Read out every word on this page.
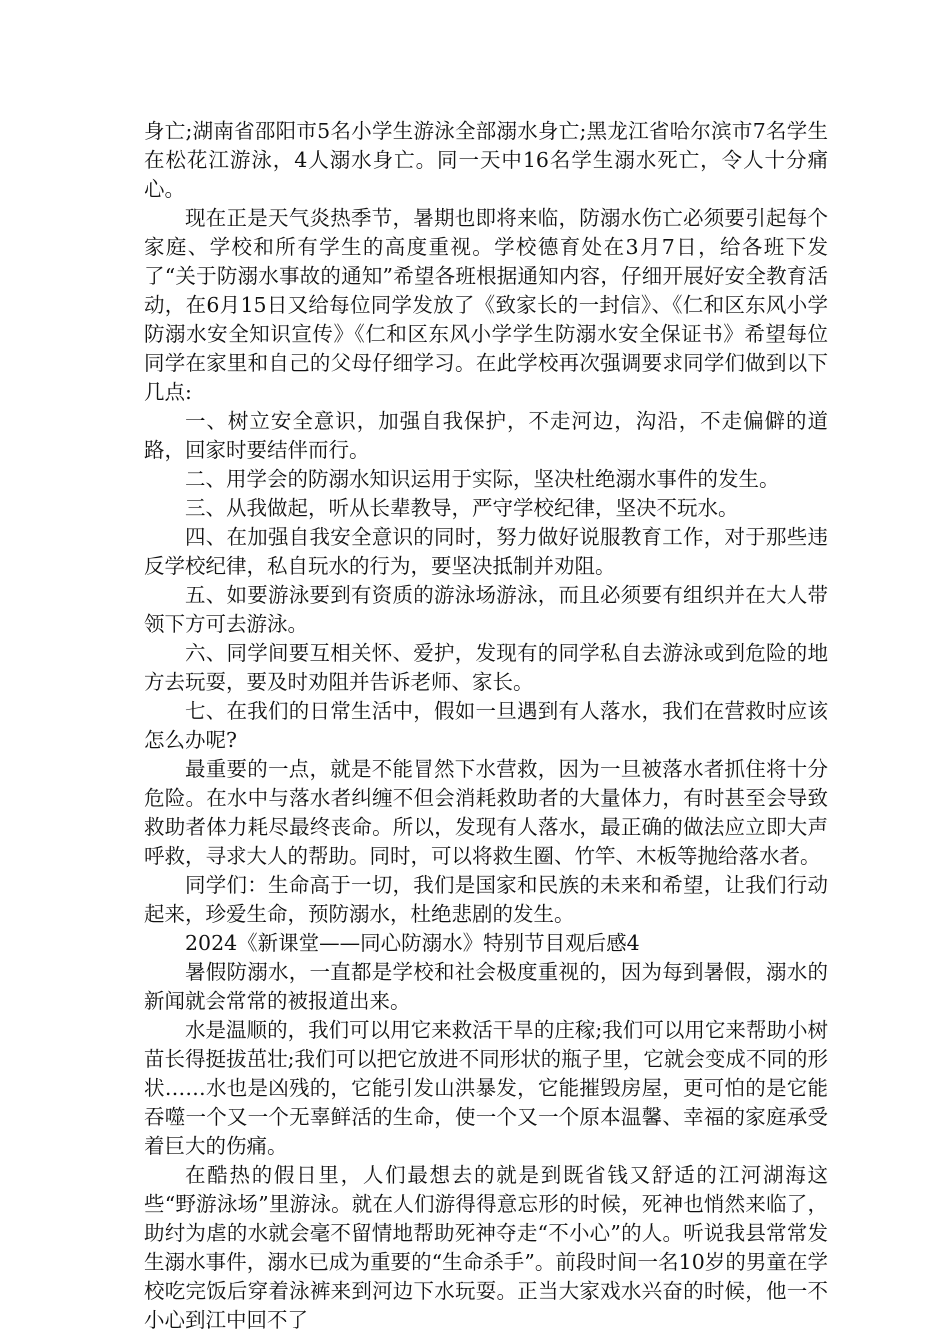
身亡;湖南省邵阳市5名小学生游泳全部溺水身亡;黑龙江省哈尔滨市7名学生在松花江游泳，4人溺水身亡。同一天中16名学生溺水死亡，令人十分痛心。

现在正是天气炎热季节，暑期也即将来临，防溺水伤亡必须要引起每个家庭、学校和所有学生的高度重视。学校德育处在3月7日，给各班下发了“关于防溺水事故的通知”希望各班根据通知内容，仔细开展好安全教育活动，在6月15日又给每位同学发放了《致家长的一封信》、《仁和区东风小学防溺水安全知识宣传》《仁和区东风小学学生防溺水安全保证书》希望每位同学在家里和自己的父母仔细学习。在此学校再次强调要求同学们做到以下几点:

一、树立安全意识，加强自我保护，不走河边，沟沿，不走偏僻的道路，回家时要结伴而行。

二、用学会的防溺水知识运用于实际，坚决杜绝溺水事件的发生。

三、从我做起，听从长辈教导，严守学校纪律，坚决不玩水。

四、在加强自我安全意识的同时，努力做好说服教育工作，对于那些违反学校纪律，私自玩水的行为，要坚决抵制并劝阻。

五、如要游泳要到有资质的游泳场游泳，而且必须要有组织并在大人带领下方可去游泳。

六、同学间要互相关怀、爱护，发现有的同学私自去游泳或到危险的地方去玩耍，要及时劝阻并告诉老师、家长。

七、在我们的日常生活中，假如一旦遇到有人落水，我们在营救时应该怎么办呢?

最重要的一点，就是不能冒然下水营救，因为一旦被落水者抓住将十分危险。在水中与落水者纠缠不但会消耗救助者的大量体力，有时甚至会导致救助者体力耗尽最终丧命。所以，发现有人落水，最正确的做法应立即大声呼救，寻求大人的帮助。同时，可以将救生圈、竹竿、木板等抛给落水者。

同学们：生命高于一切，我们是国家和民族的未来和希望，让我们行动起来，珍爱生命，预防溺水，杜绝悲剧的发生。

2024《新课堂——同心防溺水》特别节目观后感4

暑假防溺水，一直都是学校和社会极度重视的，因为每到暑假，溺水的新闻就会常常的被报道出来。

水是温顺的，我们可以用它来救活干旱的庄稼;我们可以用它来帮助小树苗长得挺拔茁壮;我们可以把它放进不同形状的瓶子里，它就会变成不同的形状……水也是凶残的，它能引发山洪暴发，它能摧毁房屋，更可怕的是它能吞噬一个又一个无辜鲜活的生命，使一个又一个原本温馨、幸福的家庭承受着巨大的伤痛。

在酷热的假日里，人们最想去的就是到既省钱又舒适的江河湖海这些“野游泳场”里游泳。就在人们游得得意忘形的时候，死神也悄然来临了，助纣为虐的水就会毫不留情地帮助死神夺走“不小心”的人。听说我县常常发生溺水事件，溺水已成为重要的“生命杀手”。前段时间一名10岁的男童在学校吃完饭后穿着泳裤来到河边下水玩耍。正当大家戏水兴奋的时候，他一不小心到江中回不了
